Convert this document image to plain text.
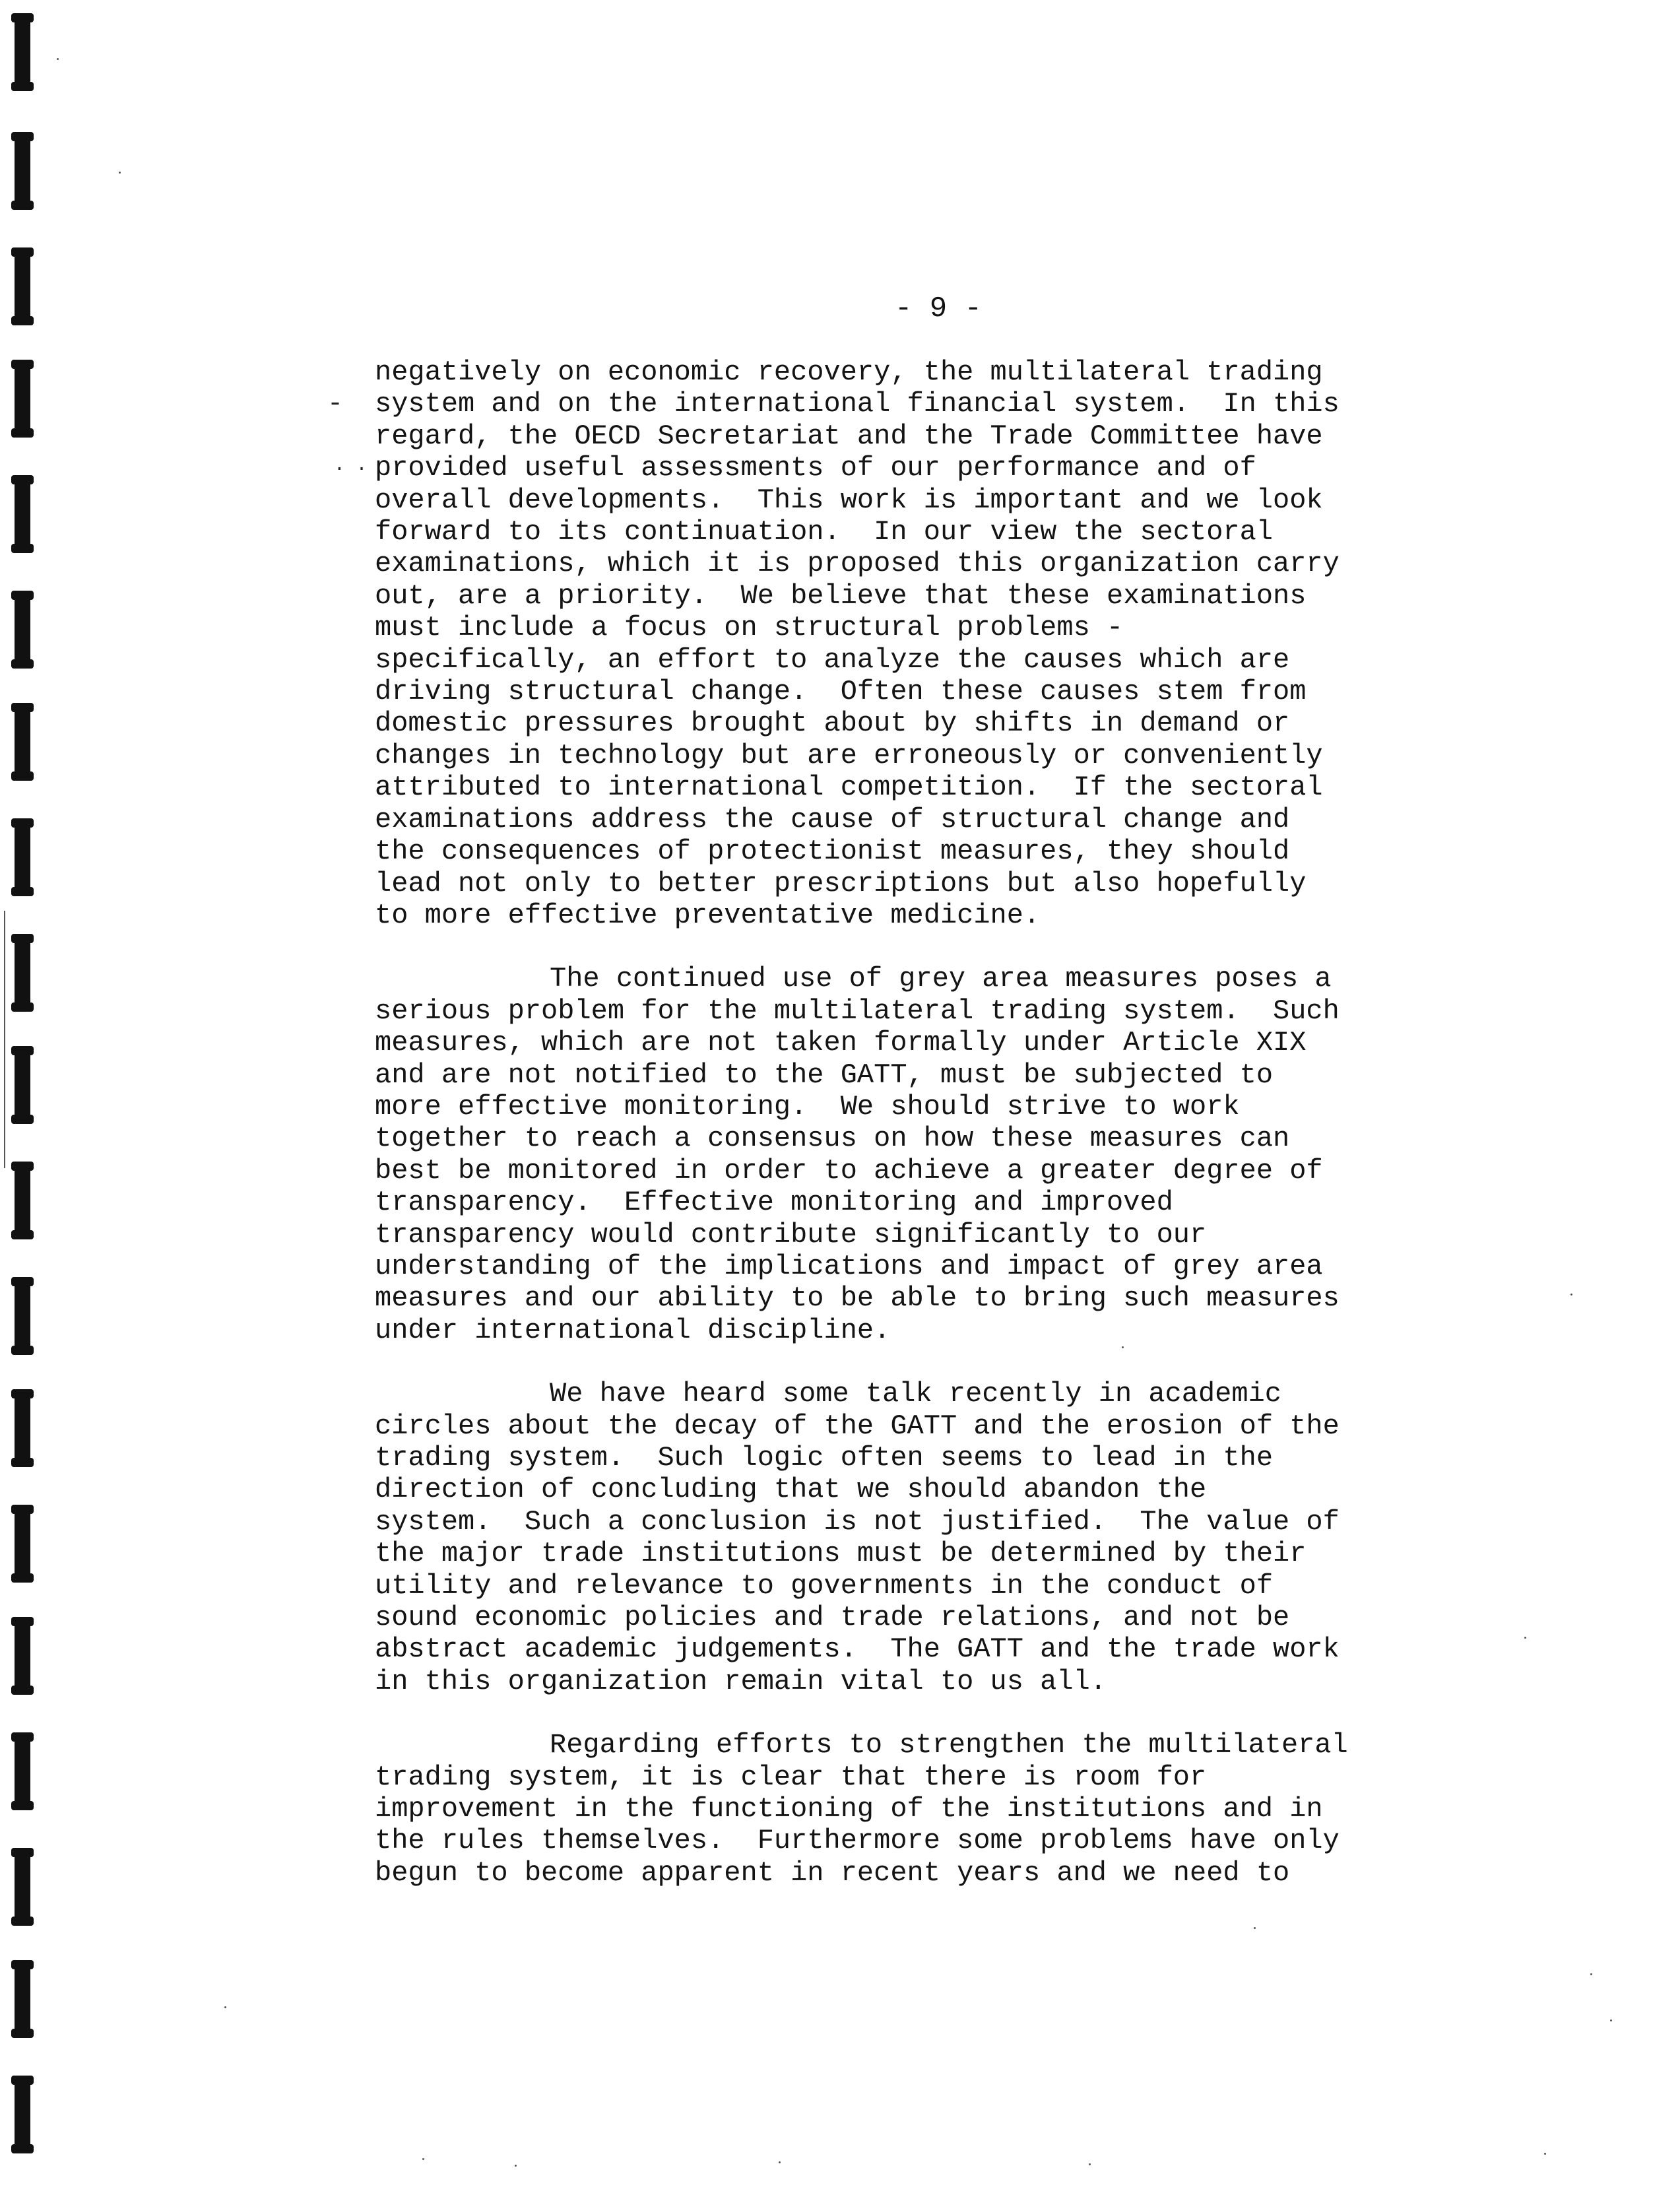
-
. .
- 9 -
negatively on economic recovery, the multilateral trading
system and on the international financial system.  In this
regard, the OECD Secretariat and the Trade Committee have
provided useful assessments of our performance and of
overall developments.  This work is important and we look
forward to its continuation.  In our view the sectoral
examinations, which it is proposed this organization carry
out, are a priority.  We believe that these examinations
must include a focus on structural problems -
specifically, an effort to analyze the causes which are
driving structural change.  Often these causes stem from
domestic pressures brought about by shifts in demand or
changes in technology but are erroneously or conveniently
attributed to international competition.  If the sectoral
examinations address the cause of structural change and
the consequences of protectionist measures, they should
lead not only to better prescriptions but also hopefully
to more effective preventative medicine.
The continued use of grey area measures poses a
serious problem for the multilateral trading system.  Such
measures, which are not taken formally under Article XIX
and are not notified to the GATT, must be subjected to
more effective monitoring.  We should strive to work
together to reach a consensus on how these measures can
best be monitored in order to achieve a greater degree of
transparency.  Effective monitoring and improved
transparency would contribute significantly to our
understanding of the implications and impact of grey area
measures and our ability to be able to bring such measures
under international discipline.
We have heard some talk recently in academic
circles about the decay of the GATT and the erosion of the
trading system.  Such logic often seems to lead in the
direction of concluding that we should abandon the
system.  Such a conclusion is not justified.  The value of
the major trade institutions must be determined by their
utility and relevance to governments in the conduct of
sound economic policies and trade relations, and not be
abstract academic judgements.  The GATT and the trade work
in this organization remain vital to us all.
Regarding efforts to strengthen the multilateral
trading system, it is clear that there is room for
improvement in the functioning of the institutions and in
the rules themselves.  Furthermore some problems have only
begun to become apparent in recent years and we need to
